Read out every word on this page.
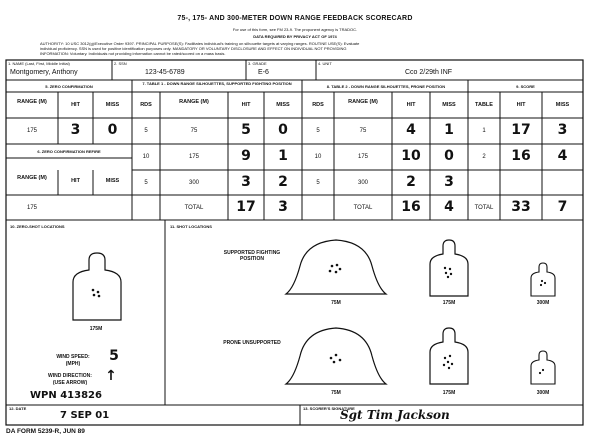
75-, 175- AND 300-METER DOWN RANGE FEEDBACK SCORECARD
For use of this form, see FM 23-9. The proponent agency is TRADOC.
DATA REQUIRED BY PRIVACY ACT OF 1974
AUTHORITY: 10 USC 3012(g)/Executive Order 9397. PRINCIPAL PURPOSE(S): Facilitates individual's training on silhouette targets at varying ranges. ROUTINE USE(S): Evaluate
individual proficiency. SSN is used for positive identification purposes only. MANDATORY OR VOLUNTARY DISCLOSURE AND EFFECT ON INDIVIDUAL NOT PROVIDING
INFORMATION: Voluntary. Individuals not providing information cannot be rated/scored on a mass basis.
1. NAME (Last, First, Middle Initial)
Montgomery, Anthony
2. SSN
123-45-6789
3. GRADE
E-6
4. UNIT
Cco 2/29th INF
5. ZERO CONFIRMATION
RANGE (M)	HIT	MISS
175	3	0
6. ZERO CONFIRMATION REFIRE
RANGE (M)	HIT	MISS
175
7. TABLE 1 - DOWN RANGE SILHOUETTES, SUPPORTED FIGHTING POSITION
RDS	RANGE (M)	HIT	MISS
5	75	5	0
10	175	9	1
5	300	3	2
TOTAL	17	3
8. TABLE 2 - DOWN RANGE SILHOUETTES, PRONE POSITION
RDS	RANGE (M)	HIT	MISS
5	75	4	1
10	175	10	0
5	300	2	3
TOTAL	16	4
9. SCORE
TABLE	HIT	MISS
1	17	3
2	16	4
TOTAL	33	7
10. ZERO-SHOT LOCATIONS
175M
WIND SPEED:
(MPH)	5
WIND DIRECTION:
(USE ARROW)	↑
WPN 413826
11. SHOT LOCATIONS
SUPPORTED FIGHTING POSITION
PRONE UNSUPPORTED
75M	175M	300M
75M	175M	300M
12. DATE
7 SEP 01
13. SCORER'S SIGNATURE
Sgt Tim Jackson
DA FORM 5239-R, JUN 89
